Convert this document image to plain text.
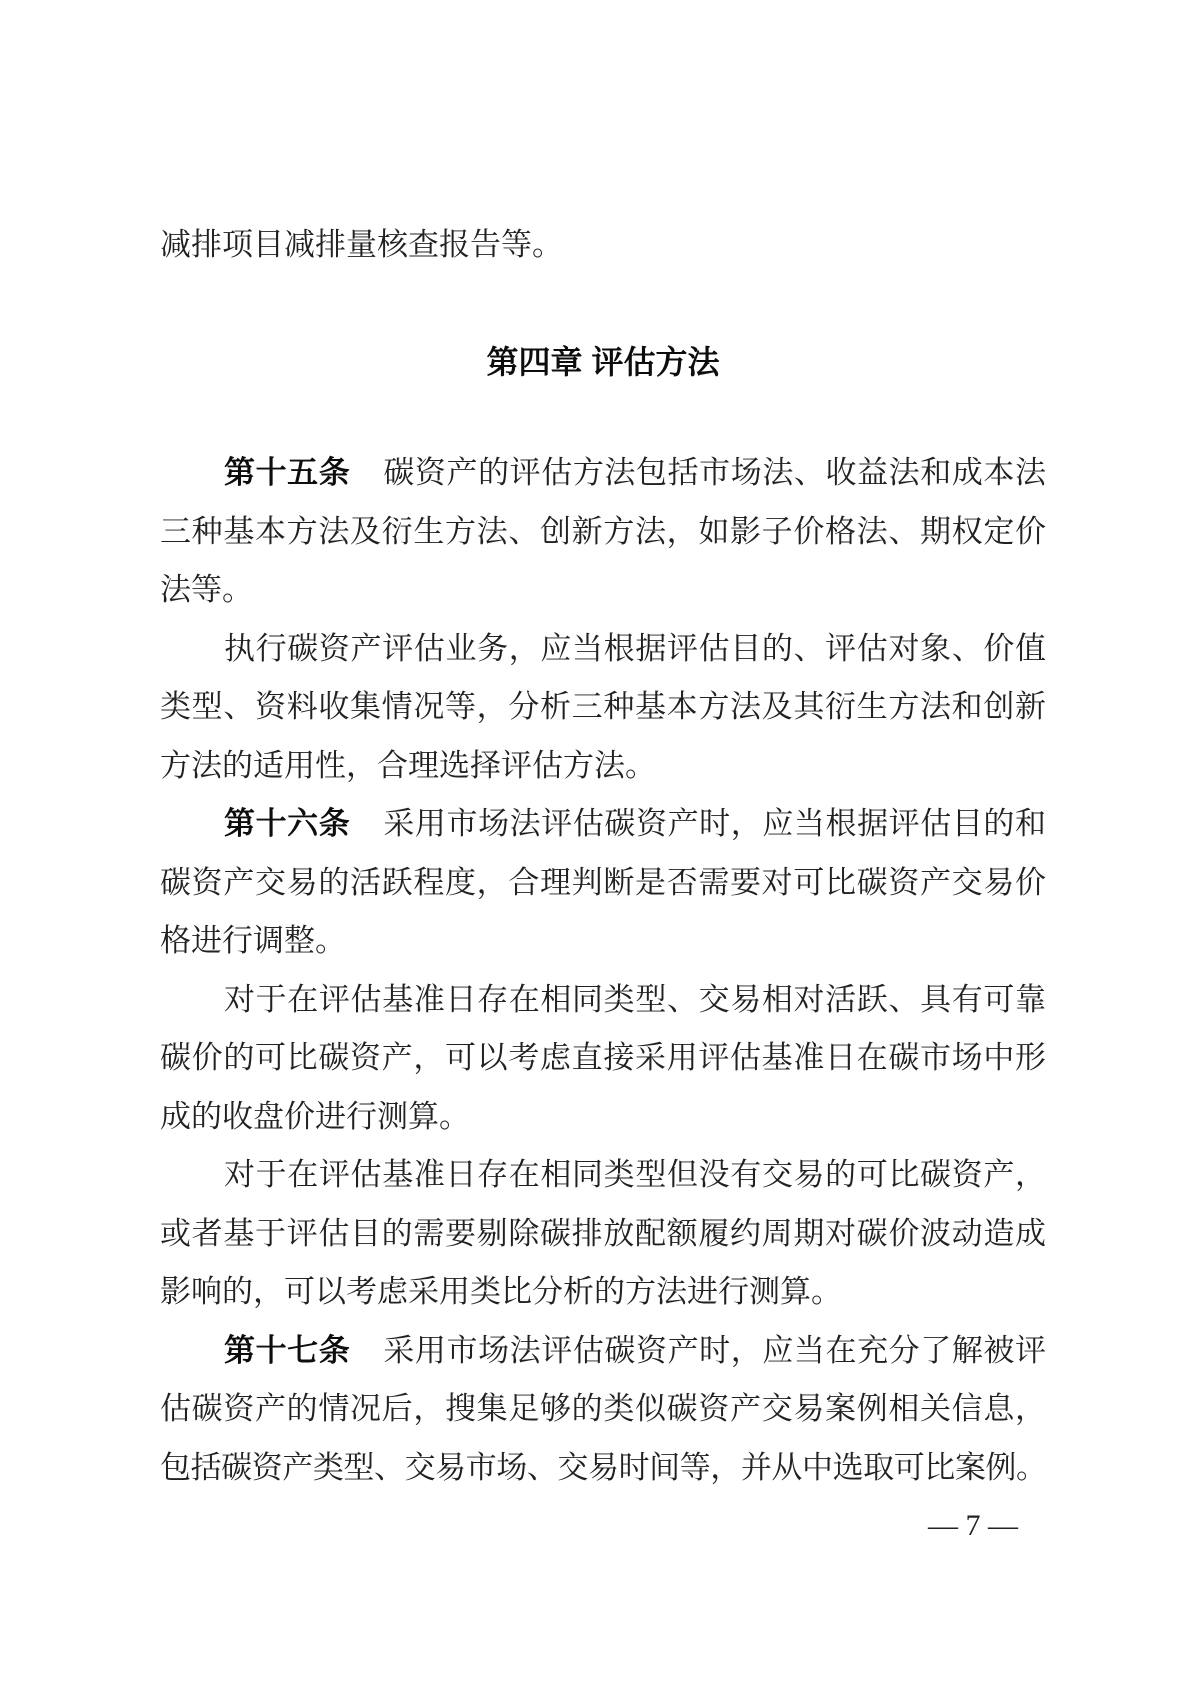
减排项目减排量核查报告等。
第四章 评估方法
第十五条 碳资产的评估方法包括市场法、收益法和成本法
三种基本方法及衍生方法、创新方法，如影子价格法、期权定价
法等。
执行碳资产评估业务，应当根据评估目的、评估对象、价值
类型、资料收集情况等，分析三种基本方法及其衍生方法和创新
方法的适用性，合理选择评估方法。
第十六条 采用市场法评估碳资产时，应当根据评估目的和
碳资产交易的活跃程度，合理判断是否需要对可比碳资产交易价
格进行调整。
对于在评估基准日存在相同类型、交易相对活跃、具有可靠
碳价的可比碳资产，可以考虑直接采用评估基准日在碳市场中形
成的收盘价进行测算。
对于在评估基准日存在相同类型但没有交易的可比碳资产，
或者基于评估目的需要剔除碳排放配额履约周期对碳价波动造成
影响的，可以考虑采用类比分析的方法进行测算。
第十七条 采用市场法评估碳资产时，应当在充分了解被评
估碳资产的情况后，搜集足够的类似碳资产交易案例相关信息，
包括碳资产类型、交易市场、交易时间等，并从中选取可比案例。
— 7 —
